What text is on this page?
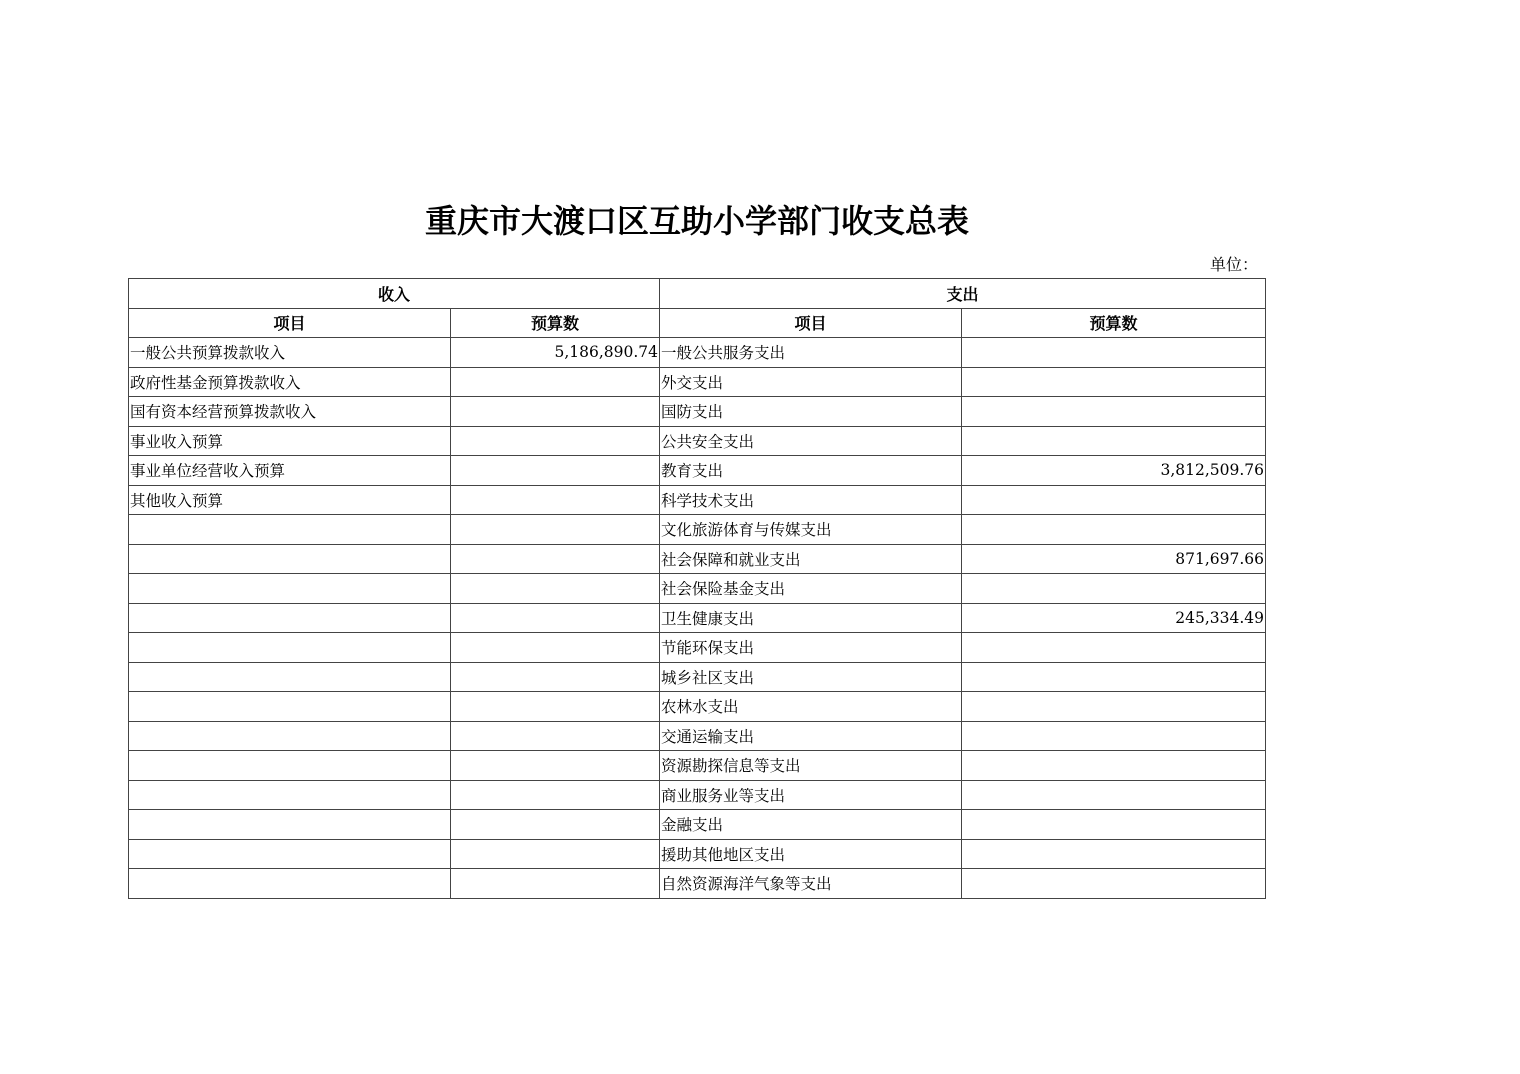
重庆市大渡口区互助小学部门收支总表
单位：
收入		支出	
项目	预算数	项目	预算数
一般公共预算拨款收入	5,186,890.74	一般公共服务支出	
政府性基金预算拨款收入		外交支出	
国有资本经营预算拨款收入		国防支出	
事业收入预算		公共安全支出	
事业单位经营收入预算		教育支出	3,812,509.76
其他收入预算		科学技术支出	
		文化旅游体育与传媒支出	
		社会保障和就业支出	871,697.66
		社会保险基金支出	
		卫生健康支出	245,334.49
		节能环保支出	
		城乡社区支出	
		农林水支出	
		交通运输支出	
		资源勘探信息等支出	
		商业服务业等支出	
		金融支出	
		援助其他地区支出	
		自然资源海洋气象等支出	
